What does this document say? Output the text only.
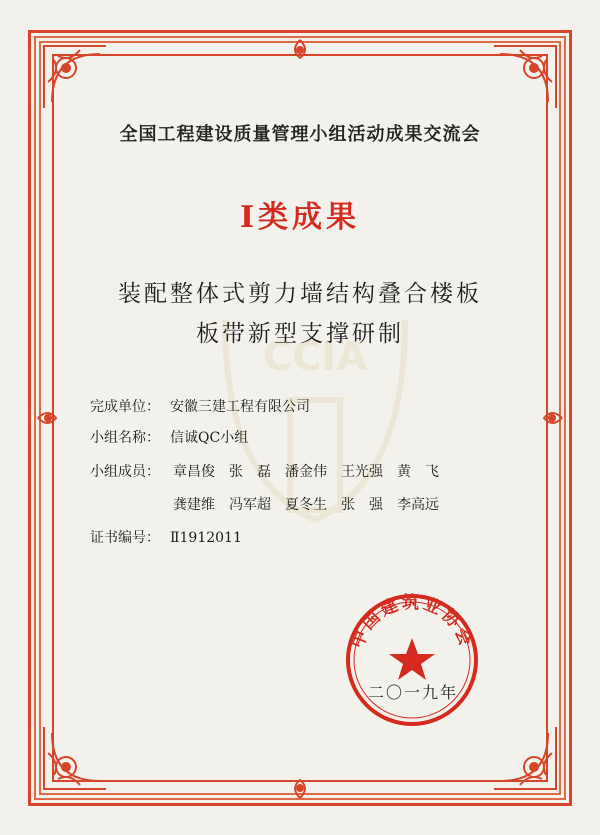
CCIA
全国工程建设质量管理小组活动成果交流会
Ⅰ类成果
装配整体式剪力墙结构叠合楼板
板带新型支撑研制
完成单位： 安徽三建工程有限公司
小组名称： 信诚QC小组
小组成员： 章昌俊 张　磊 潘金伟 王光强 黄　飞
龚建维 冯军超 夏冬生 张　强 李高远
证书编号： Ⅱ1912011
中国建筑业协会
二〇一九年
